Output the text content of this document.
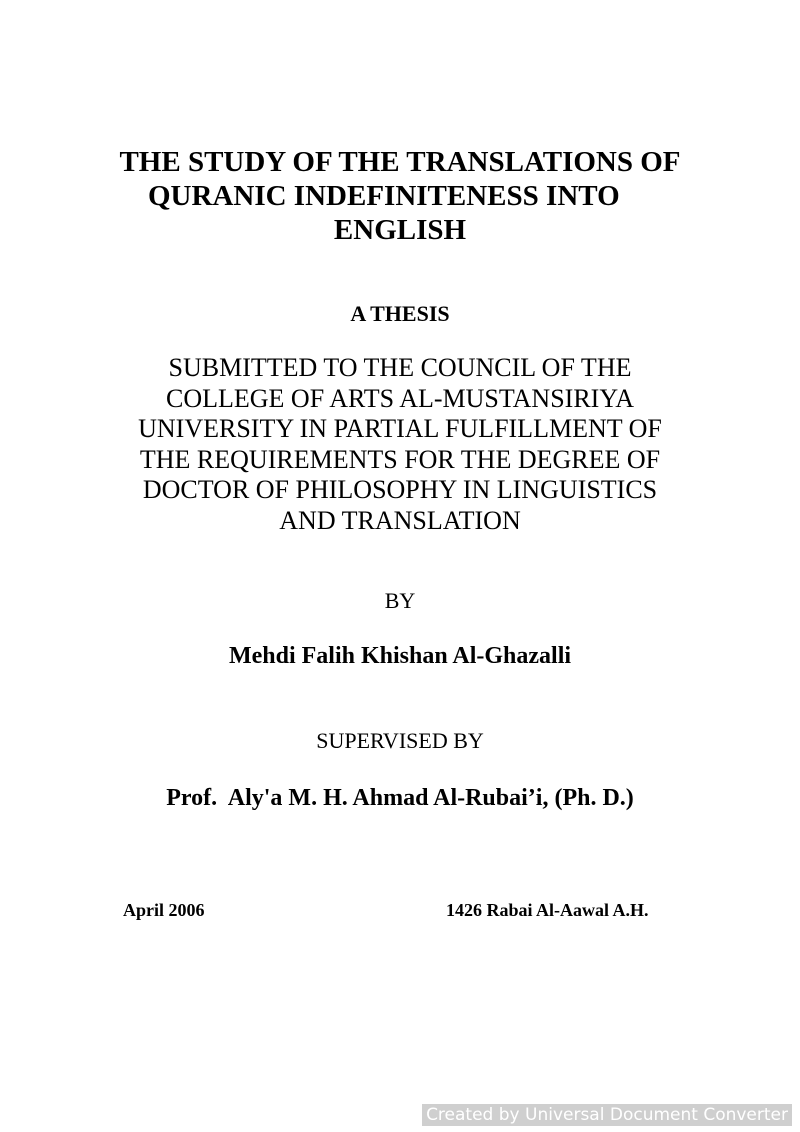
THE STUDY OF THE TRANSLATIONS OF
QURANIC INDEFINITENESS INTO
ENGLISH
A THESIS
SUBMITTED TO THE COUNCIL OF THE
COLLEGE OF ARTS AL-MUSTANSIRIYA
UNIVERSITY IN PARTIAL FULFILLMENT OF
THE REQUIREMENTS FOR THE DEGREE OF
DOCTOR OF PHILOSOPHY IN LINGUISTICS
AND TRANSLATION
BY
Mehdi Falih Khishan Al-Ghazalli
SUPERVISED BY
Prof.  Aly'a M. H. Ahmad Al-Rubai’i, (Ph. D.)
April 2006	1426 Rabai Al-Aawal A.H.
Created by Universal Document Converter
